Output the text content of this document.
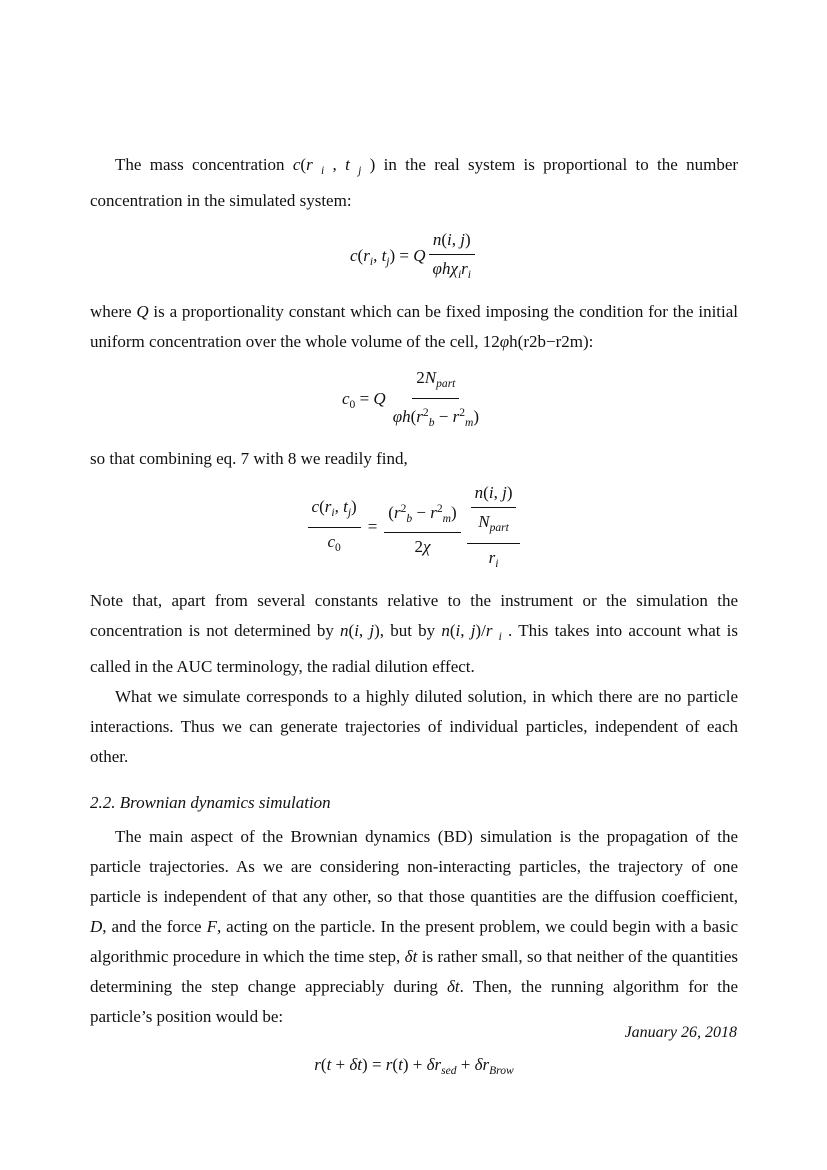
The mass concentration c(r $_i$ , t $_j$ ) in the real system is proportional to the number concentration in the simulated system:

$c(r_i$, $t_j) = Q \frac{n(i, j)}{\varphi h\chi_ir_i}$

where Q is a proportionality constant which can be fixed imposing the condition for the initial uniform concentration over the whole volume of the cell, 12φh(r2b−r2m):

$c_0 = Q \frac{2N_{part}}{\varphi h(r^2_b - r^2_m)}$

so that combining eq. 7 with 8 we readily find,

$\frac{c(r_i, t_j)}{c_0} = \frac{(r^2_b - r^2_m)}{2\chi} \frac{\frac{n(i, j)}{N_{part}}}{r_i}$

Note that, apart from several constants relative to the instrument or the simulation the concentration is not determined by n(i, j), but by n(i, j)/r $_i$ . This takes into account what is called in the AUC terminology, the radial dilution effect.

What we simulate corresponds to a highly diluted solution, in which there are no particle interactions. Thus we can generate trajectories of individual particles, independent of each other.

2.2. Brownian dynamics simulation

The main aspect of the Brownian dynamics (BD) simulation is the propagation of the particle trajectories. As we are considering non-interacting particles, the trajectory of one particle is independent of that any other, so that those quantities are the diffusion coefficient, D, and the force F, acting on the particle. In the present problem, we could begin with a basic algorithmic procedure in which the time step, δt is rather small, so that neither of the quantities determining the step change appreciably during δt. Then, the running algorithm for the particle’s position would be:

$r(t + \delta t) = r(t) + \delta r_{sed} + \delta r_{Brow}$
January 26, 2018
